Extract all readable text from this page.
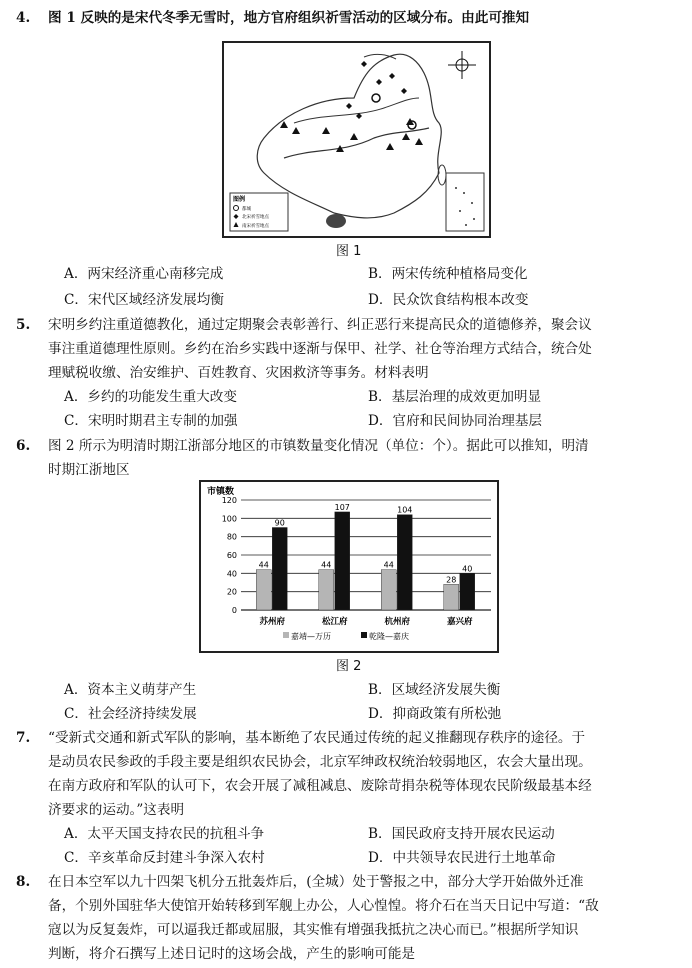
4. 图 1 反映的是宋代冬季无雪时，地方官府组织祈雪活动的区域分布。由此可推知
图例
都城
北宋祈雪地点
南宋祈雪地点
图 1
A．两宋经济重心南移完成	B．两宋传统种植格局变化
C．宋代区域经济发展均衡	D．民众饮食结构根本改变
5. 宋明乡约注重道德教化，通过定期聚会表彰善行、纠正恶行来提高民众的道德修养，聚会议
事注重道德理性原则。乡约在治乡实践中逐渐与保甲、社学、社仓等治理方式结合，统合处
理赋税收缴、治安维护、百姓教育、灾困救济等事务。材料表明
A．乡约的功能发生重大改变	B．基层治理的成效更加明显
C．宋明时期君主专制的加强	D．官府和民间协同治理基层
6. 图 2 所示为明清时期江浙部分地区的市镇数量变化情况（单位：个）。据此可以推知，明清
时期江浙地区
市镇数
0
20
40
60
80
100
120
44
90
苏州府
44
107
松江府
44
104
杭州府
28
40
嘉兴府
嘉靖—万历	乾隆—嘉庆
图 2
A．资本主义萌芽产生	B．区域经济发展失衡
C．社会经济持续发展	D．抑商政策有所松弛
7. “受新式交通和新式军队的影响，基本断绝了农民通过传统的起义推翻现存秩序的途径。于
是动员农民参政的手段主要是组织农民协会，北京军绅政权统治较弱地区，农会大量出现。
在南方政府和军队的认可下，农会开展了减租减息、废除苛捐杂税等体现农民阶级最基本经
济要求的运动。”这表明
A．太平天国支持农民的抗租斗争	B．国民政府支持开展农民运动
C．辛亥革命反封建斗争深入农村	D．中共领导农民进行土地革命
8. 在日本空军以九十四架飞机分五批轰炸后，(全城）处于警报之中，部分大学开始做外迁准
备，个别外国驻华大使馆开始转移到军舰上办公，人心惶惶。将介石在当天日记中写道：“敌
寇以为反复轰炸，可以逼我迁都或屈服，其实惟有增强我抵抗之决心而已。”根据所学知识
判断，将介石撰写上述日记时的这场会战，产生的影响可能是
